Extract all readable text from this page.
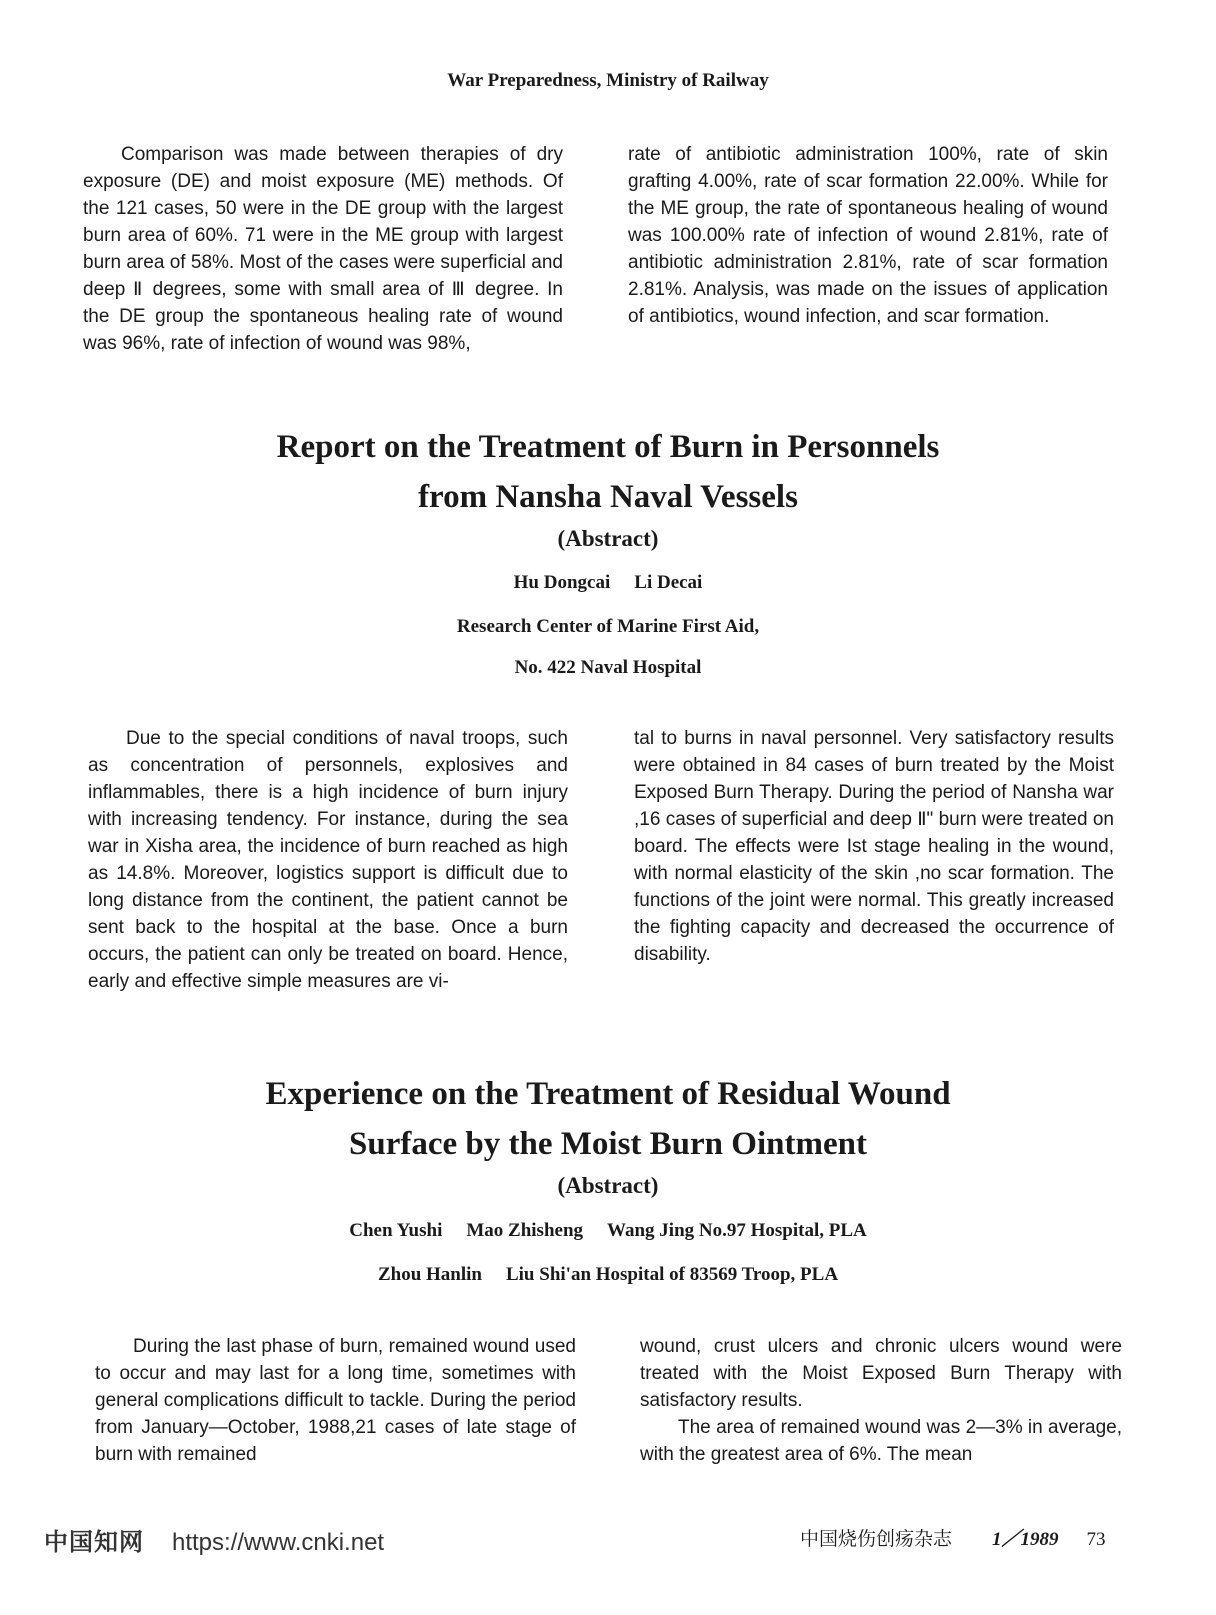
War Preparedness, Ministry of Railway

Comparison was made between therapies of dry exposure (DE) and moist exposure (ME) methods. Of the 121 cases, 50 were in the DE group with the largest burn area of 60%. 71 were in the ME group with largest burn area of 58%. Most of the cases were superficial and deep Ⅱ degrees, some with small area of Ⅲ degree. In the DE group the spontaneous healing rate of wound was 96%, rate of infection of wound was 98%,

rate of antibiotic administration 100%, rate of skin grafting 4.00%, rate of scar formation 22.00%. While for the ME group, the rate of spontaneous healing of wound was 100.00% rate of infection of wound 2.81%, rate of antibiotic administration 2.81%, rate of scar formation 2.81%. Analysis, was made on the issues of application of antibiotics, wound infection, and scar formation.

Report on the Treatment of Burn in Personnels
from Nansha Naval Vessels
(Abstract)
Hu Dongcai Li Decai
Research Center of Marine First Aid,
No. 422 Naval Hospital

Due to the special conditions of naval troops, such as concentration of personnels, explosives and inflammables, there is a high incidence of burn injury with increasing tendency. For instance, during the sea war in Xisha area, the incidence of burn reached as high as 14.8%. Moreover, logistics support is difficult due to long distance from the continent, the patient cannot be sent back to the hospital at the base. Once a burn occurs, the patient can only be treated on board. Hence, early and effective simple measures are vi-

tal to burns in naval personnel. Very satisfactory results were obtained in 84 cases of burn treated by the Moist Exposed Burn Therapy. During the period of Nansha war ,16 cases of superficial and deep Ⅱ" burn were treated on board. The effects were Ist stage healing in the wound, with normal elasticity of the skin ,no scar formation. The functions of the joint were normal. This greatly increased the fighting capacity and decreased the occurrence of disability.

Experience on the Treatment of Residual Wound
Surface by the Moist Burn Ointment
(Abstract)
Chen Yushi Mao Zhisheng Wang Jing No.97 Hospital, PLA
Zhou Hanlin Liu Shi'an Hospital of 83569 Troop, PLA

During the last phase of burn, remained wound used to occur and may last for a long time, sometimes with general complications difficult to tackle. During the period from January—October, 1988,21 cases of late stage of burn with remained

wound, crust ulcers and chronic ulcers wound were treated with the Moist Exposed Burn Therapy with satisfactory results.

The area of remained wound was 2—3% in average, with the greatest area of 6%. The mean

中国知网 https://www.cnki.net	中国烧伤创疡杂志 1／1989 73
